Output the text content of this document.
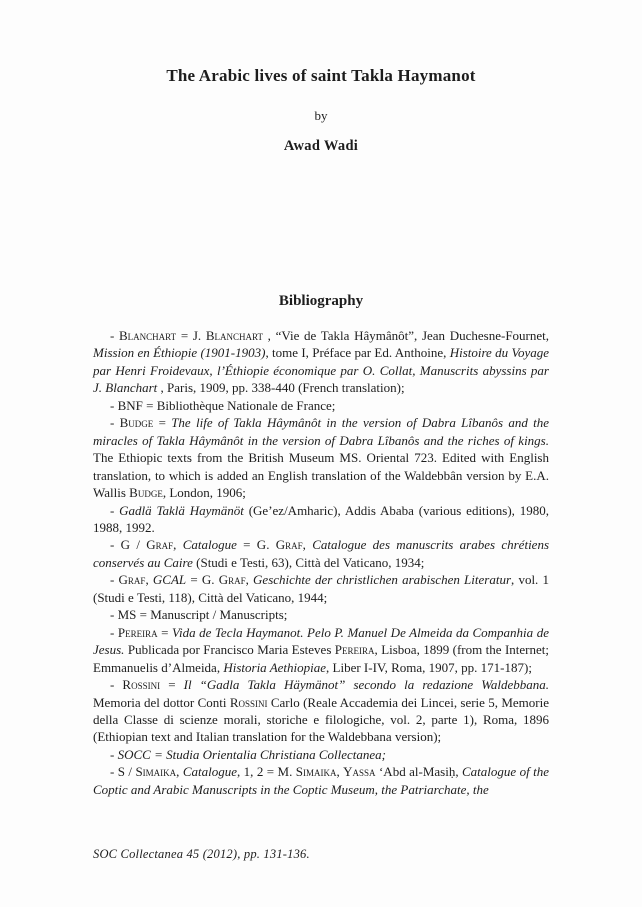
The Arabic lives of saint Takla Haymanot
by
Awad Wadi
Bibliography

- Blanchart = J. Blanchart , “Vie de Takla Hâymânôt”, Jean Duchesne-Fournet, Mission en Éthiopie (1901-1903), tome I, Préface par Ed. Anthoine, Histoire du Voyage par Henri Froidevaux, l’Éthiopie économique par O. Collat, Manuscrits abyssins par J. Blanchart , Paris, 1909, pp. 338-440 (French translation);

- BNF = Bibliothèque Nationale de France;

- Budge = The life of Takla Hâymânôt in the version of Dabra Lîbanôs and the miracles of Takla Hâymânôt in the version of Dabra Lîbanôs and the riches of kings. The Ethiopic texts from the British Museum MS. Oriental 723. Edited with English translation, to which is added an English translation of the Waldebbân version by E.A. Wallis Budge, London, 1906;

- Gadlä Taklä Haymänöt (Ge’ez/Amharic), Addis Ababa (various editions), 1980, 1988, 1992.

- G / Graf, Catalogue = G. Graf, Catalogue des manuscrits arabes chrétiens conservés au Caire (Studi e Testi, 63), Città del Vaticano, 1934;

- Graf, GCAL = G. Graf, Geschichte der christlichen arabischen Literatur, vol. 1 (Studi e Testi, 118), Città del Vaticano, 1944;

- MS = Manuscript / Manuscripts;

- Pereira = Vida de Tecla Haymanot. Pelo P. Manuel De Almeida da Companhia de Jesus. Publicada por Francisco Maria Esteves Pereira, Lisboa, 1899 (from the Internet; Emmanuelis d’Almeida, Historia Aethiopiae, Liber I-IV, Roma, 1907, pp. 171-187);

- Rossini = Il “Gadla Takla Häymänot” secondo la redazione Waldebbana. Memoria del dottor Conti Rossini Carlo (Reale Accademia dei Lincei, serie 5, Memorie della Classe di scienze morali, storiche e filologiche, vol. 2, parte 1), Roma, 1896 (Ethiopian text and Italian translation for the Waldebbana version);

- SOCC = Studia Orientalia Christiana Collectanea;

- S / Simaika, Catalogue, 1, 2 = M. Simaika, Yassa ‘Abd al-Masiḥ, Catalogue of the Coptic and Arabic Manuscripts in the Coptic Museum, the Patriarchate, the

SOC Collectanea 45 (2012), pp. 131-136.
